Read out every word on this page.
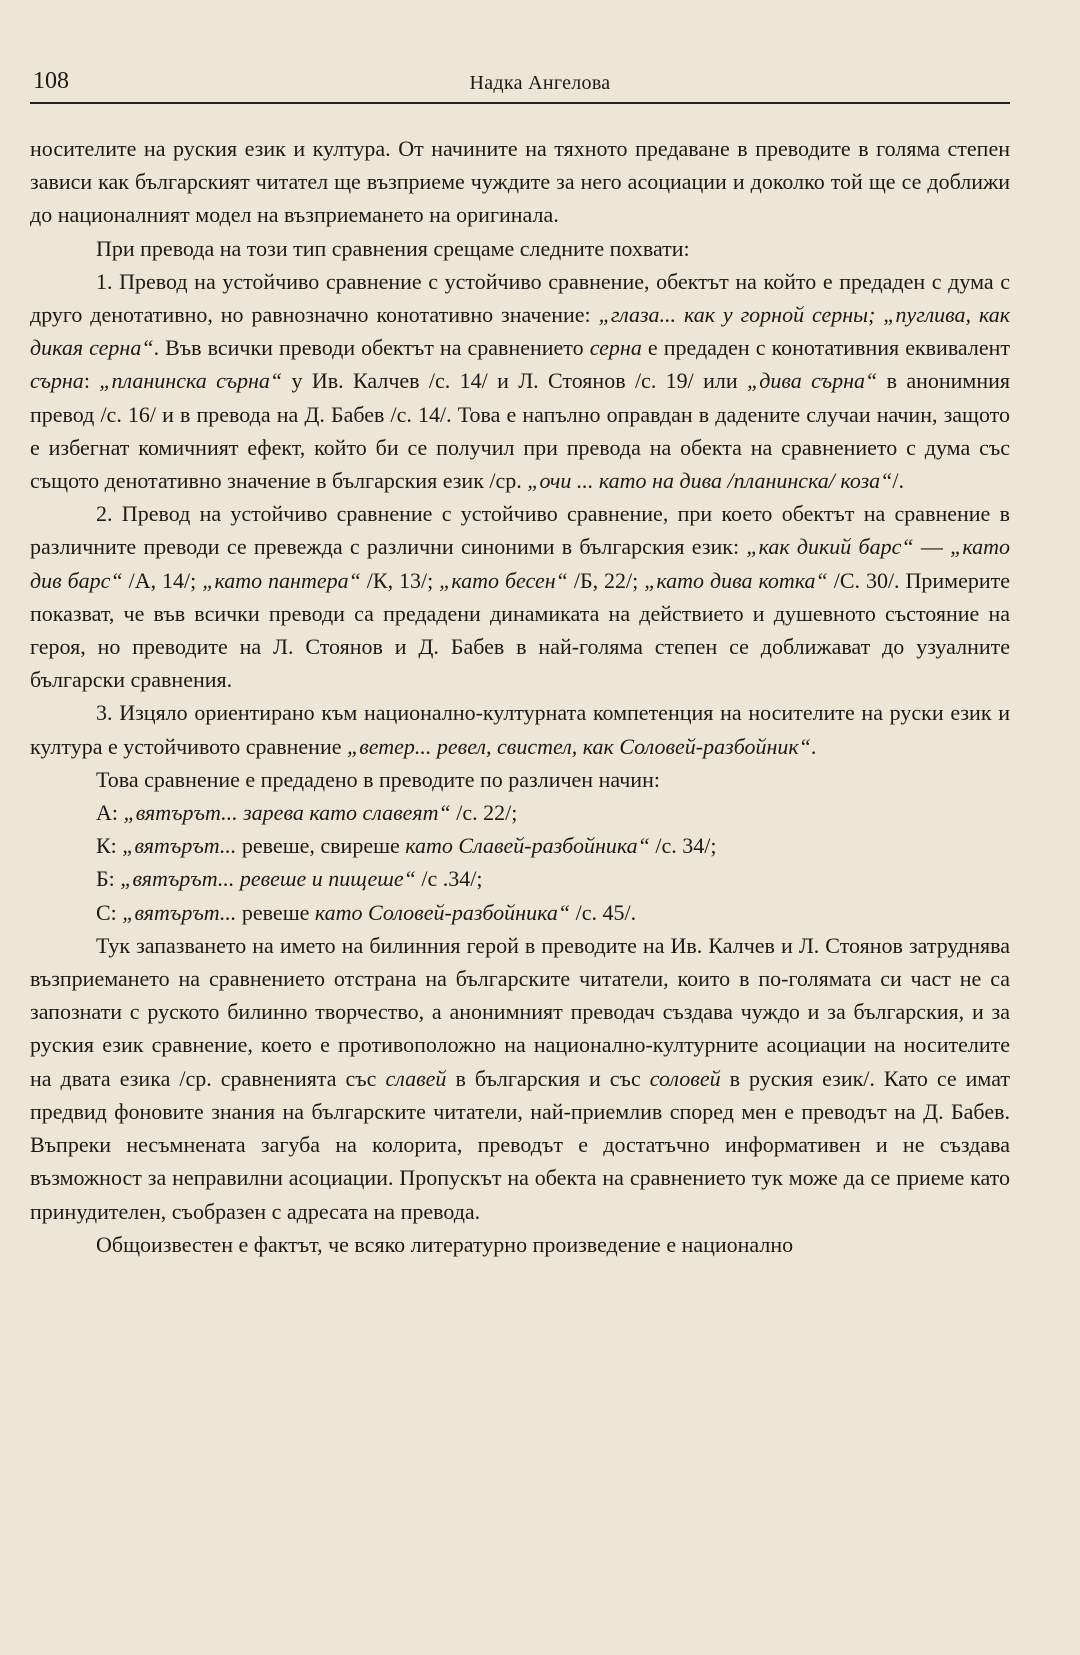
108	Надка Ангелова

носителите на руския език и култура. От начините на тяхното предаване в преводите в голяма степен зависи как българският читател ще възприеме чуждите за него асоциации и доколко той ще се доближи до националният модел на възприемането на оригинала.

При превода на този тип сравнения срещаме следните похвати:

1. Превод на устойчиво сравнение с устойчиво сравнение, обектът на който е предаден с дума с друго денотативно, но равнозначно конотативно значение: „глаза... как у горной серны; „пуглива, как дикая серна“. Във всички преводи обектът на сравнението серна е предаден с конотативния еквивалент сърна: „планинска сърна“ у Ив. Калчев /с. 14/ и Л. Стоянов /с. 19/ или „дива сърна“ в анонимния превод /с. 16/ и в превода на Д. Бабев /с. 14/. Това е напълно оправдан в дадените случаи начин, защото е избегнат комичният ефект, който би се получил при превода на обекта на сравнението с дума със същото денотативно значение в българския език /ср. „очи ... като на дива /планинска/ коза“/.

2. Превод на устойчиво сравнение с устойчиво сравнение, при което обектът на сравнение в различните преводи се превежда с различни синоними в българския език: „как дикий барс“ — „като див барс“ /А, 14/; „като пантера“ /К, 13/; „като бесен“ /Б, 22/; „като дива котка“ /С. 30/. Примерите показват, че във всички преводи са предадени динамиката на действието и душевното състояние на героя, но преводите на Л. Стоянов и Д. Бабев в най-голяма степен се доближават до узуалните български сравнения.

3. Изцяло ориентирано към национално-културната компетенция на носителите на руски език и култура е устойчивото сравнение „ветер... ревел, свистел, как Соловей-разбойник“.

Това сравнение е предадено в преводите по различен начин:

А: „вятърът... зарева като славеят“ /с. 22/;

К: „вятърът... ревеше, свиреше като Славей-разбойника“ /с. 34/;

Б: „вятърът... ревеше и пищеше“ /с .34/;

С: „вятърът... ревеше като Соловей-разбойника“ /с. 45/.

Тук запазването на името на билинния герой в преводите на Ив. Калчев и Л. Стоянов затруднява възприемането на сравнението отстрана на българските читатели, които в по-голямата си част не са запознати с руското билинно творчество, а анонимният преводач създава чуждо и за българския, и за руския език сравнение, което е противоположно на национално-културните асоциации на носителите на двата езика /ср. сравненията със славей в българския и със соловей в руския език/. Като се имат предвид фоновите знания на българските читатели, най-приемлив според мен е преводът на Д. Бабев. Въпреки несъмнената загуба на колорита, преводът е достатъчно информативен и не създава възможност за неправилни асоциации. Пропускът на обекта на сравнението тук може да се приеме като принудителен, съобразен с адресата на превода.

Общоизвестен е фактът, че всяко литературно произведение е национално
